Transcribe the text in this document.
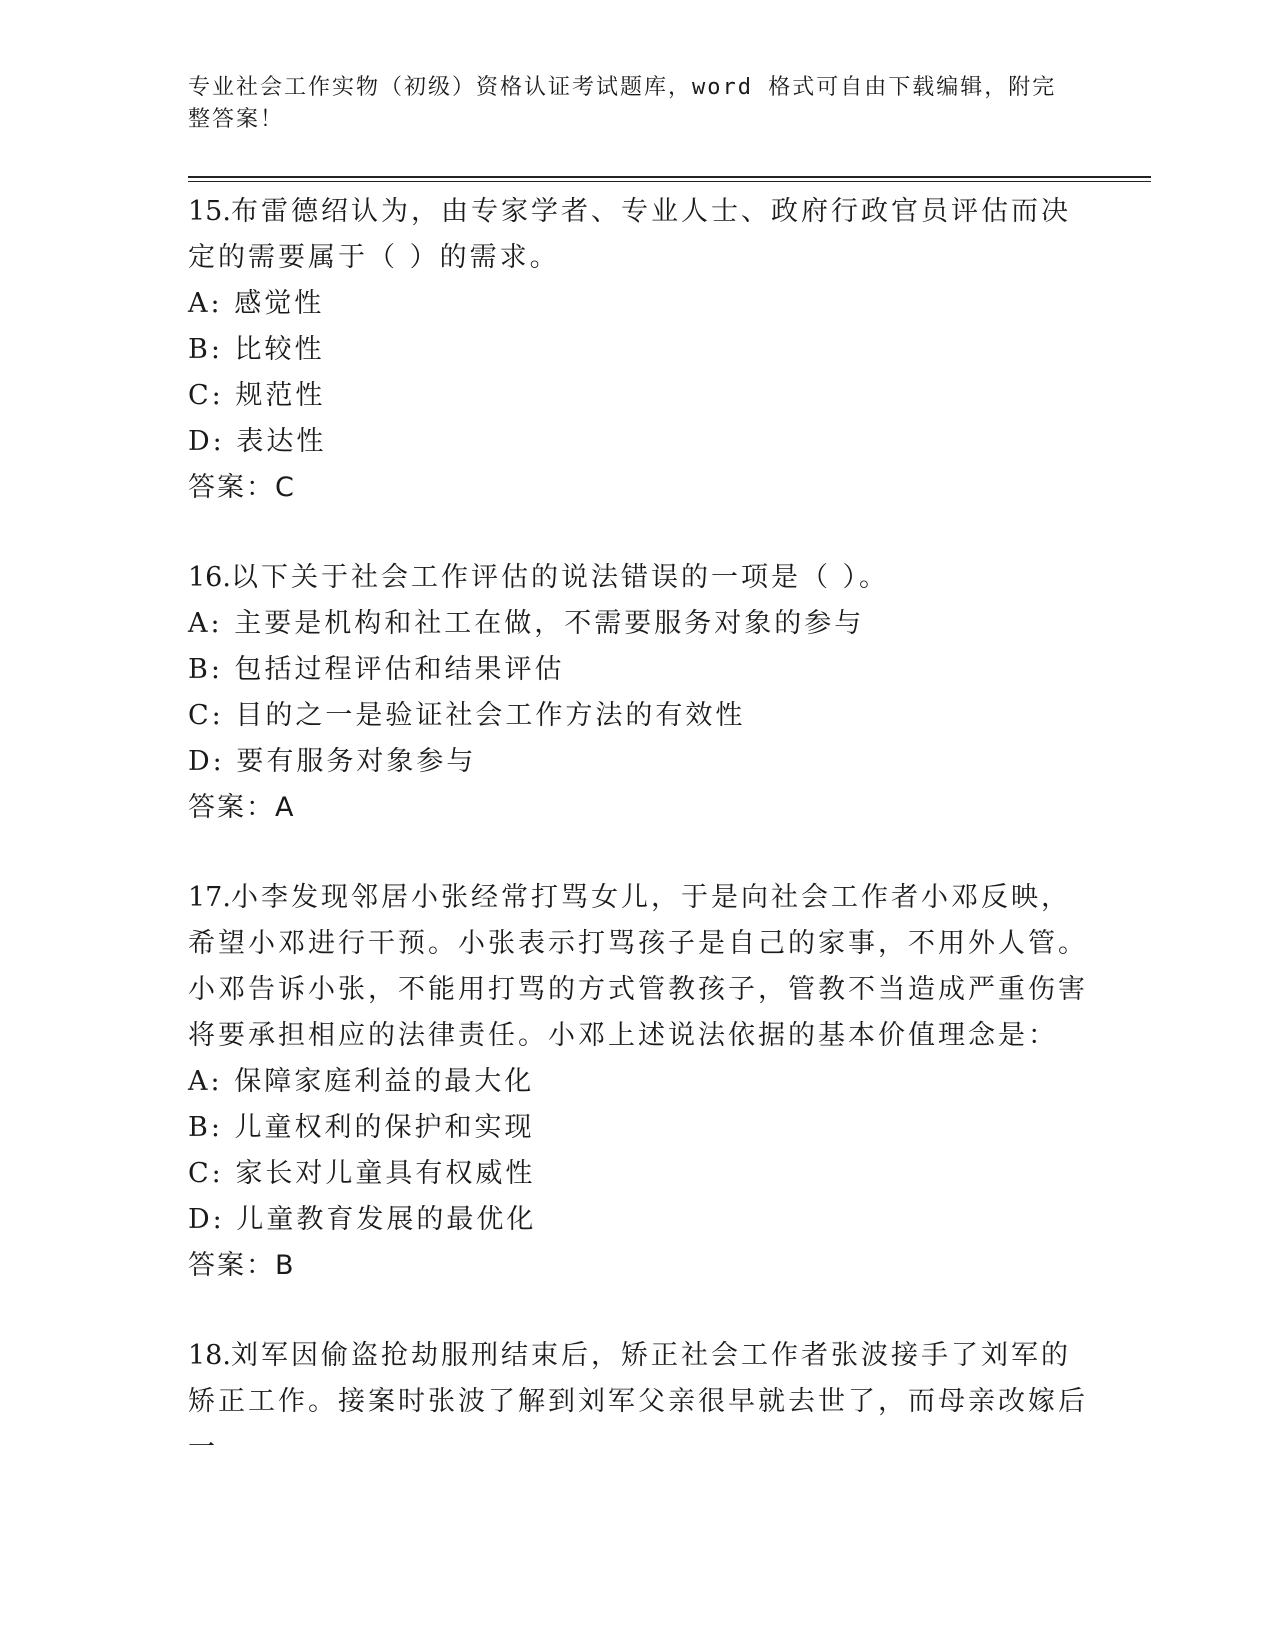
专业社会工作实物（初级）资格认证考试题库，word 格式可自由下载编辑，附完
整答案！

15.布雷德绍认为，由专家学者、专业人士、政府行政官员评估而决定的需要属于（ ）的需求。

A: 感觉性
B: 比较性
C: 规范性
D: 表达性
答案：C

16.以下关于社会工作评估的说法错误的一项是（ ）。

A: 主要是机构和社工在做，不需要服务对象的参与
B: 包括过程评估和结果评估
C: 目的之一是验证社会工作方法的有效性
D: 要有服务对象参与
答案：A

17.小李发现邻居小张经常打骂女儿，于是向社会工作者小邓反映，希望小邓进行干预。小张表示打骂孩子是自己的家事，不用外人管。小邓告诉小张，不能用打骂的方式管教孩子，管教不当造成严重伤害将要承担相应的法律责任。小邓上述说法依据的基本价值理念是：

A: 保障家庭利益的最大化
B: 儿童权利的保护和实现
C: 家长对儿童具有权威性
D: 儿童教育发展的最优化
答案：B

18.刘军因偷盗抢劫服刑结束后，矫正社会工作者张波接手了刘军的矫正工作。接案时张波了解到刘军父亲很早就去世了，而母亲改嫁后一
